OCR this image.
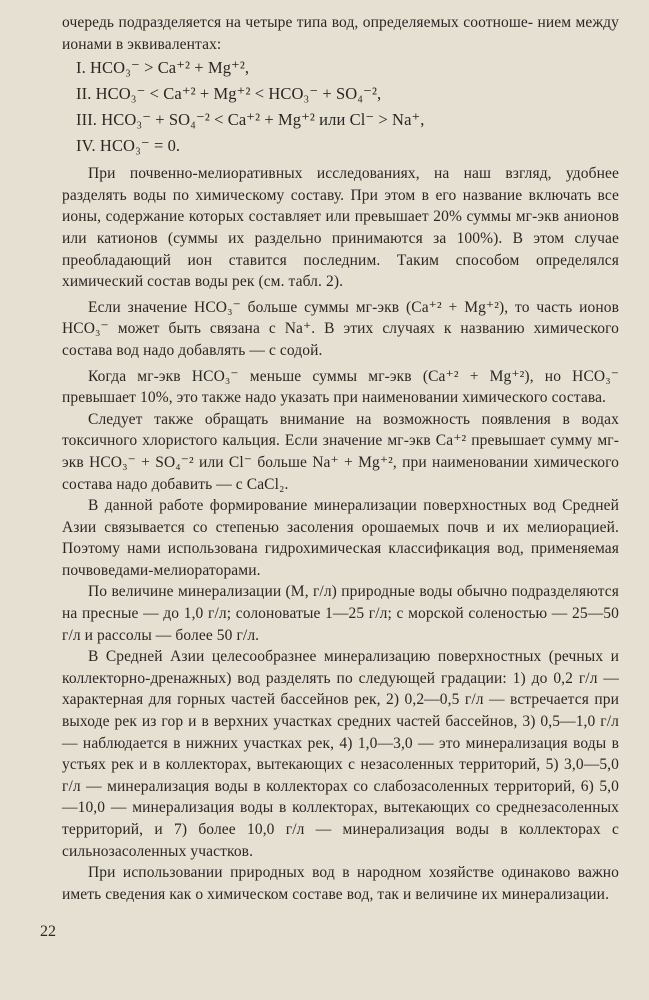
очередь подразделяется на четыре типа вод, определяемых соотноше- нием между ионами в эквивалентах:

I. HCO₃⁻ > Ca⁺² + Mg⁺²,
II. HCO₃⁻ < Ca⁺² + Mg⁺² < HCO₃⁻ + SO₄⁻²,
III. HCO₃⁻ + SO₄⁻² < Ca⁺² + Mg⁺² или Cl⁻ > Na⁺,
IV. HCO₃⁻ = 0.

При почвенно-мелиоративных исследованиях, на наш взгляд, удобнее разделять воды по химическому составу. При этом в его название включать все ионы, содержание которых составляет или превышает 20% суммы мг-экв анионов или катионов (суммы их раздельно принимаются за 100%). В этом случае преобладающий ион ставится последним. Таким способом определялся химический состав воды рек (см. табл. 2).

Если значение HCO₃⁻ больше суммы мг-экв (Ca⁺² + Mg⁺²), то часть ионов HCO₃⁻ может быть связана с Na⁺. В этих случаях к названию химического состава вод надо добавлять — с содой.

Когда мг-экв HCO₃⁻ меньше суммы мг-экв (Ca⁺² + Mg⁺²), но HCO₃⁻ превышает 10%, это также надо указать при наименовании химического состава.

Следует также обращать внимание на возможность появления в водах токсичного хлористого кальция. Если значение мг-экв Ca⁺² превышает сумму мг-экв HCO₃⁻ + SO₄⁻² или Cl⁻ больше Na⁺ + Mg⁺², при наименовании химического состава надо добавить — с CaCl₂.

В данной работе формирование минерализации поверхностных вод Средней Азии связывается со степенью засоления орошаемых почв и их мелиорацией. Поэтому нами использована гидрохимическая классификация вод, применяемая почвоведами-мелиораторами.

По величине минерализации (M, г/л) природные воды обычно подразделяются на пресные — до 1,0 г/л; солоноватые 1—25 г/л; с морской соленостью — 25—50 г/л и рассолы — более 50 г/л.

В Средней Азии целесообразнее минерализацию поверхностных (речных и коллекторно-дренажных) вод разделять по следующей градации: 1) до 0,2 г/л — характерная для горных частей бассейнов рек, 2) 0,2—0,5 г/л — встречается при выходе рек из гор и в верхних участках средних частей бассейнов, 3) 0,5—1,0 г/л — наблюдается в нижних участках рек, 4) 1,0—3,0 — это минерализация воды в устьях рек и в коллекторах, вытекающих с незасоленных территорий, 5) 3,0—5,0 г/л — минерализация воды в коллекторах со слабозасоленных территорий, 6) 5,0—10,0 — минерализация воды в коллекторах, вытекающих со среднезасоленных территорий, и 7) более 10,0 г/л — минерализация воды в коллекторах с сильнозасоленных участков.

При использовании природных вод в народном хозяйстве одинаково важно иметь сведения как о химическом составе вод, так и величине их минерализации.

22
